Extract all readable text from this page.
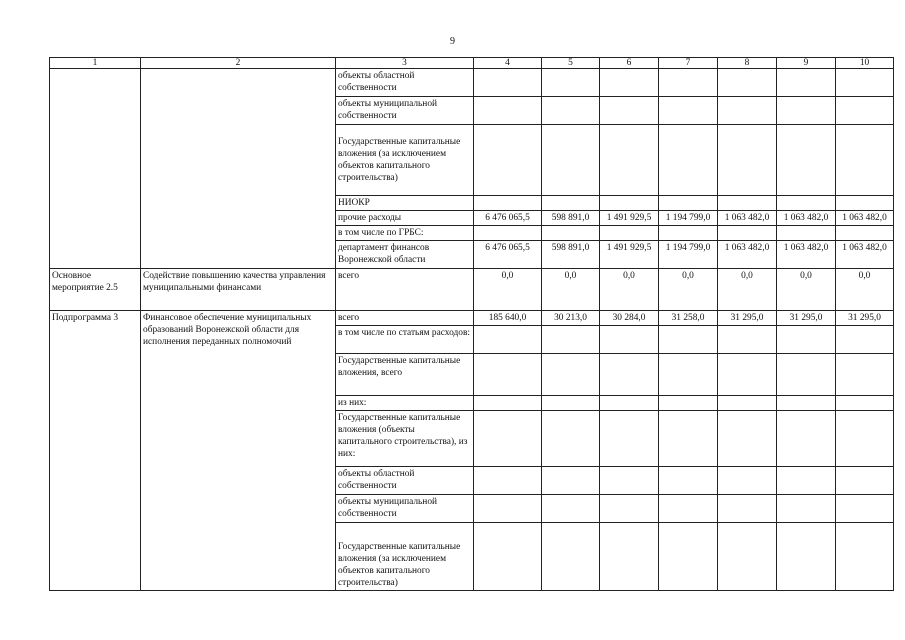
9
1	2	3	4	5	6	7	8	9	10
		объекты областной собственности							
		объекты муниципальной собственности							
		Государственные капитальные вложения (за исключением объектов капитального строительства)							
		НИОКР							
		прочие расходы	6 476 065,5	598 891,0	1 491 929,5	1 194 799,0	1 063 482,0	1 063 482,0	1 063 482,0
		в том числе по ГРБС:							
		департамент финансов Воронежской области	6 476 065,5	598 891,0	1 491 929,5	1 194 799,0	1 063 482,0	1 063 482,0	1 063 482,0
Основное мероприятие 2.5	Содействие повышению качества управления муниципальными финансами	всего	0,0	0,0	0,0	0,0	0,0	0,0	0,0
Подпрограмма 3	Финансовое обеспечение муниципальных образований Воронежской области для исполнения переданных полномочий	всего	185 640,0	30 213,0	30 284,0	31 258,0	31 295,0	31 295,0	31 295,0
		в том числе по статьям расходов:							
		Государственные капитальные вложения, всего							
		из них:							
		Государственные капитальные вложения (объекты капитального строительства), из них:							
		объекты областной собственности							
		объекты муниципальной собственности							
		Государственные капитальные вложения (за исключением объектов капитального строительства)							
